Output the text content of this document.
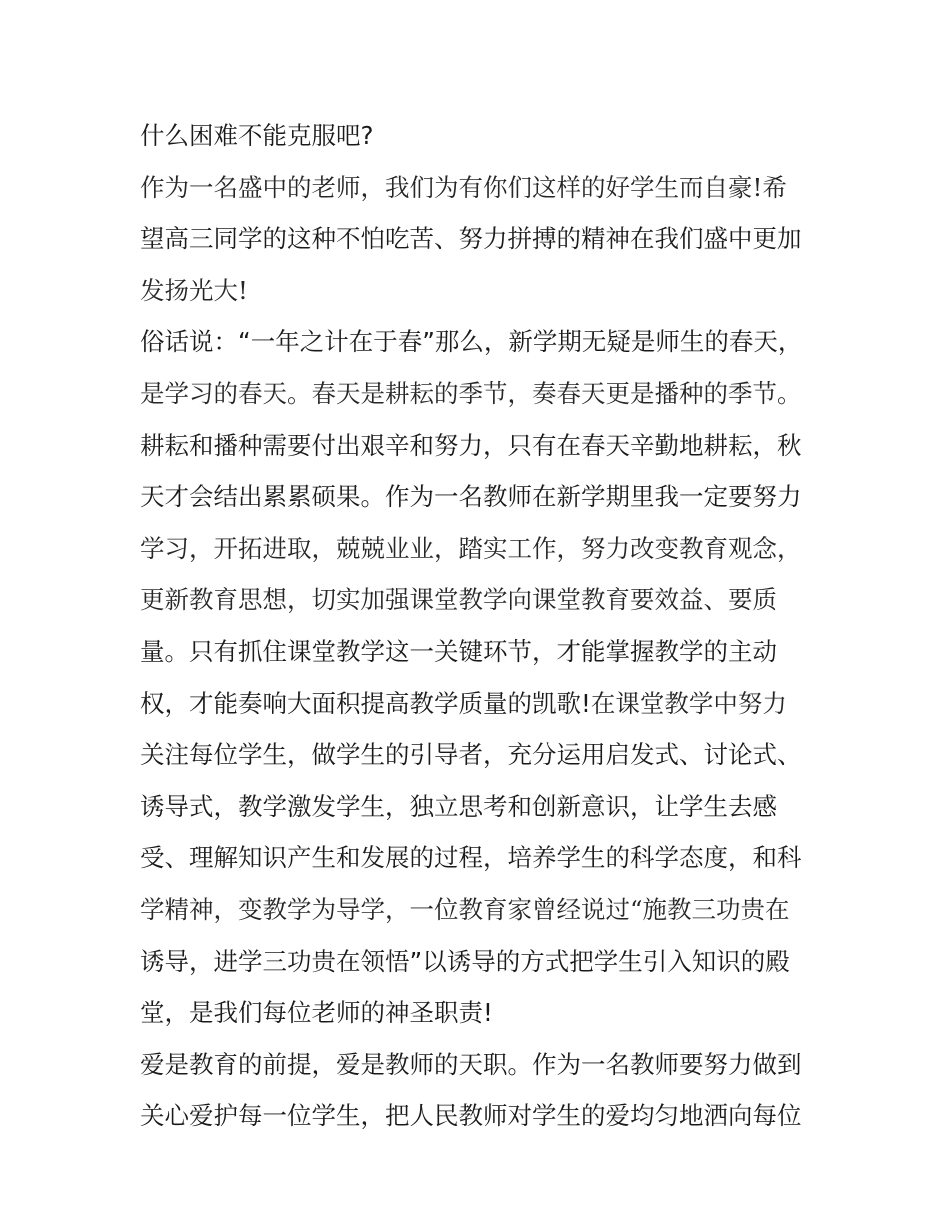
什么困难不能克服吧?
作为一名盛中的老师，我们为有你们这样的好学生而自豪!希
望高三同学的这种不怕吃苦、努力拼搏的精神在我们盛中更加
发扬光大!
俗话说：“一年之计在于春”那么，新学期无疑是师生的春天，
是学习的春天。春天是耕耘的季节，奏春天更是播种的季节。
耕耘和播种需要付出艰辛和努力，只有在春天辛勤地耕耘，秋
天才会结出累累硕果。作为一名教师在新学期里我一定要努力
学习，开拓进取，兢兢业业，踏实工作，努力改变教育观念，
更新教育思想，切实加强课堂教学向课堂教育要效益、要质
量。只有抓住课堂教学这一关键环节，才能掌握教学的主动
权，才能奏响大面积提高教学质量的凯歌!在课堂教学中努力
关注每位学生，做学生的引导者，充分运用启发式、讨论式、
诱导式，教学激发学生，独立思考和创新意识，让学生去感
受、理解知识产生和发展的过程，培养学生的科学态度，和科
学精神，变教学为导学，一位教育家曾经说过“施教三功贵在
诱导，进学三功贵在领悟”以诱导的方式把学生引入知识的殿
堂，是我们每位老师的神圣职责!
爱是教育的前提，爱是教师的天职。作为一名教师要努力做到
关心爱护每一位学生，把人民教师对学生的爱均匀地洒向每位
